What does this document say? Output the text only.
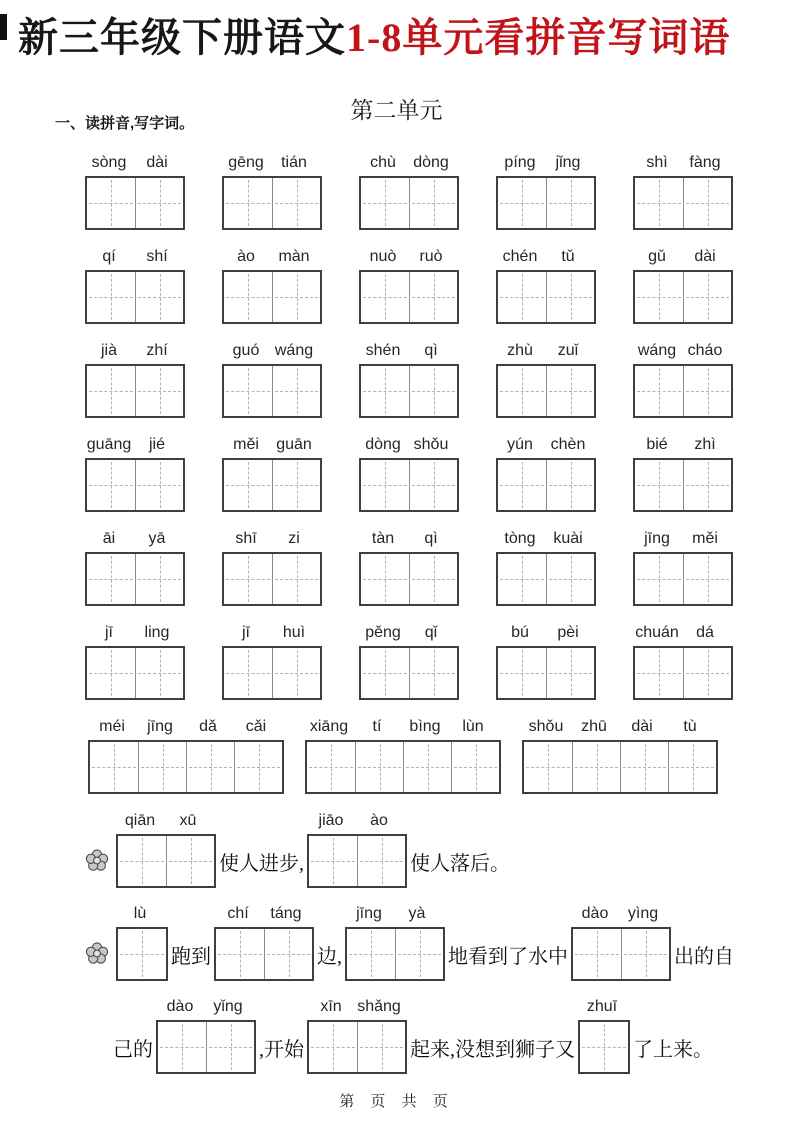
新三年级下册语文1-8单元看拼音写词语
第二单元
一、读拼音,写字词。
sòng	dài	gēng	tián	chù	dòng	píng	jǐng	shì	fàng
qí	shí	ào	màn	nuò	ruò	chén	tǔ	gǔ	dài
jià	zhí	guó wáng	shén	qì	zhù	zuǐ	wáng cháo
guāng	jié	měi	guān	dòng shǒu	yún	chèn	bié	zhì
āi	yā	shī	zi	tàn	qì	tòng	kuài	jīng	měi
jī	ling	jī	huì	pěng	qǐ	bú	pèi	chuán	dá
méi	jīng	dǎ	cǎi	xiāng	tí	bìng	lùn	shǒu	zhū	dài	tù
qiān	xū
使人进步,
jiāo	ào
使人落后。
lù
跑到
chí	táng
边,
jīng	yà
地看到了水中
dào	yìng
出的自
己的
dào	yǐng
,开始
xīn shǎng
起来,没想到狮子又
zhuī
了上来。
第 页 共 页
